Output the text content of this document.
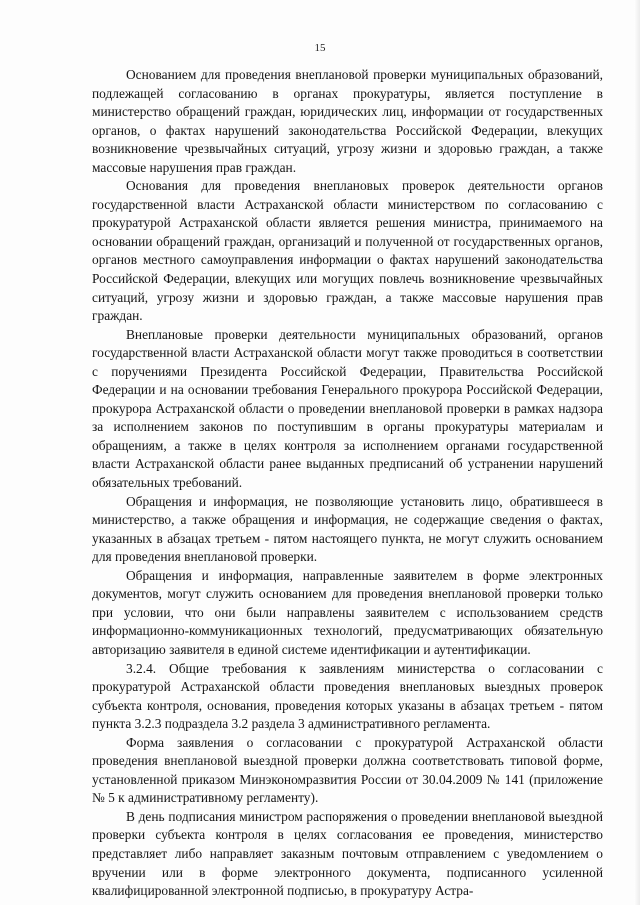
15

Основанием для проведения внеплановой проверки муниципальных образований, подлежащей согласованию в органах прокуратуры, является поступление в министерство обращений граждан, юридических лиц, информации от государственных органов, о фактах нарушений законодательства Российской Федерации, влекущих возникновение чрезвычайных ситуаций, угрозу жизни и здоровью граждан, а также массовые нарушения прав граждан.

Основания для проведения внеплановых проверок деятельности органов государственной власти Астраханской области министерством по согласованию с прокуратурой Астраханской области является решения министра, принимаемого на основании обращений граждан, организаций и полученной от государственных органов, органов местного самоуправления информации о фактах нарушений законодательства Российской Федерации, влекущих или могущих повлечь возникновение чрезвычайных ситуаций, угрозу жизни и здоровью граждан, а также массовые нарушения прав граждан.

Внеплановые проверки деятельности муниципальных образований, органов государственной власти Астраханской области могут также проводиться в соответствии с поручениями Президента Российской Федерации, Правительства Российской Федерации и на основании требования Генерального прокурора Российской Федерации, прокурора Астраханской области о проведении внеплановой проверки в рамках надзора за исполнением законов по поступившим в органы прокуратуры материалам и обращениям, а также в целях контроля за исполнением органами государственной власти Астраханской области ранее выданных предписаний об устранении нарушений обязательных требований.

Обращения и информация, не позволяющие установить лицо, обратившееся в министерство, а также обращения и информация, не содержащие сведения о фактах, указанных в абзацах третьем - пятом настоящего пункта, не могут служить основанием для проведения внеплановой проверки.

Обращения и информация, направленные заявителем в форме электронных документов, могут служить основанием для проведения внеплановой проверки только при условии, что они были направлены заявителем с использованием средств информационно-коммуникационных технологий, предусматривающих обязательную авторизацию заявителя в единой системе идентификации и аутентификации.

3.2.4. Общие требования к заявлениям министерства о согласовании с прокуратурой Астраханской области проведения внеплановых выездных проверок субъекта контроля, основания, проведения которых указаны в абзацах третьем - пятом пункта 3.2.3 подраздела 3.2 раздела 3 административного регламента.

Форма заявления о согласовании с прокуратурой Астраханской области проведения внеплановой выездной проверки должна соответствовать типовой форме, установленной приказом Минэкономразвития России от 30.04.2009 № 141 (приложение № 5 к административному регламенту).

В день подписания министром распоряжения о проведении внеплановой выездной проверки субъекта контроля в целях согласования ее проведения, министерство представляет либо направляет заказным почтовым отправлением с уведомлением о вручении или в форме электронного документа, подписанного усиленной квалифицированной электронной подписью, в прокуратуру Астра-
